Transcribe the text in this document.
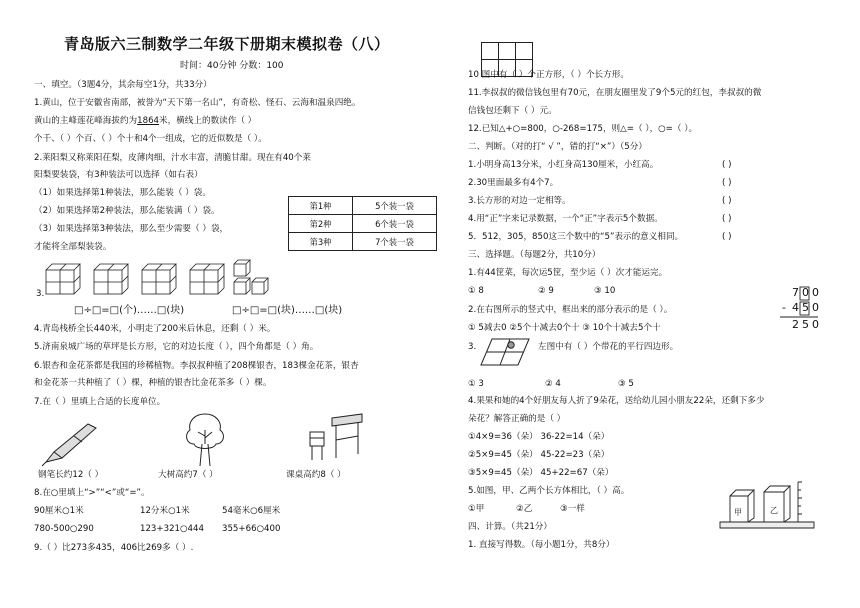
青岛版六三制数学二年级下册期末模拟卷（八）
时间：40分钟 分数：100
一、填空。（3题4分，其余每空1分，共33分）
1.黄山，位于安徽省南部，被誉为“天下第一名山”，有奇松、怪石、云海和温泉四绝。
黄山的主峰莲花峰海拔约为1864米，横线上的数读作（ ）
个千、（ ）个百、（ ）个十和4个一组成，它的近似数是（ ）。
2.莱阳梨又称莱阳茌梨，皮薄肉细，汁水丰富，清脆甘甜。现在有40个莱
阳梨要装袋，有3种装法可以选择（如右表）
（1）如果选择第1种装法，那么能装（ ）袋。
（2）如果选择第2种装法，那么能装满（ ）袋。
（3）如果选择第3种装法，那么至少需要（ ）袋，
才能将全部梨装袋。
第1种	5个装一袋
第2种	6个装一袋
第3种	7个装一袋
3.
□÷□=□(个)……□(块)	□÷□=□(块)……□(块)
4.青岛栈桥全长440米，小明走了200米后休息，还剩（ ）米。
5.济南泉城广场的草坪是长方形，它的对边长度（ ），四个角都是（ ）角。
6.银杏和金花茶都是我国的珍稀植物。李叔叔种植了208棵银杏，183棵金花茶，银杏
和金花茶一共种植了（ ）棵，种植的银杏比金花茶多（ ）棵。
7.在（ ）里填上合适的长度单位。
钢笔长约12（ ）	大树高约7（ ）	课桌高约8（ ）
8.在○里填上“>”“<”或“=”。
90厘米○1米	12分米○1米	54毫米○6厘米
780-500○290	123+321○444 355+66○400
9.（ ）比273多435，406比269多（ ）.
10 图中有（ ）个正方形，（ ）个长方形。
11.李叔叔的微信钱包里有70元，在朋友圈里发了9个5元的红包，李叔叔的微
信钱包还剩下（ ）元。
12.已知△+○=800，○-268=175，则△=（ ），○=（ ）。
二、判断。（对的打“ √ ”，错的打“×”）（5分）
1.小明身高13分米，小红身高130厘米，小红高。	( )
2.30里面最多有4个7。	( )
3.长方形的对边一定相等。	( )
4.用“正”字来记录数据，一个“正”字表示5个数据。	( )
5．512，305，850这三个数中的“5”表示的意义相同。	( )
三、选择题。（每题2分，共10分）
1.有44筐菜，每次运5筐，至少运（ ）次才能运完。
① 8	② 9	③ 10	700
- 450
250
2.在右图所示的竖式中，框出来的部分表示的是（ ）。
① 5减去0 ②5个十减去0个十 ③ 10个十减去5个十
3.	左图中有（ ）个带花的平行四边形。
① 3	② 4	③ 5
4.果果和她的4个好朋友每人折了9朵花，送给幼儿园小朋友22朵，还剩下多少
朵花？解答正确的是（ ）
①4×9=36（朵） 36-22=14（朵）
②5×9=45（朵） 45-22=23（朵）
③5×9=45（朵） 45+22=67（朵）
5.如图，甲、乙两个长方体相比，（ ）高。
①甲	②乙	③一样	甲	乙
四、计算。（共21分）
1. 直接写得数。（每小题1分，共8分）
